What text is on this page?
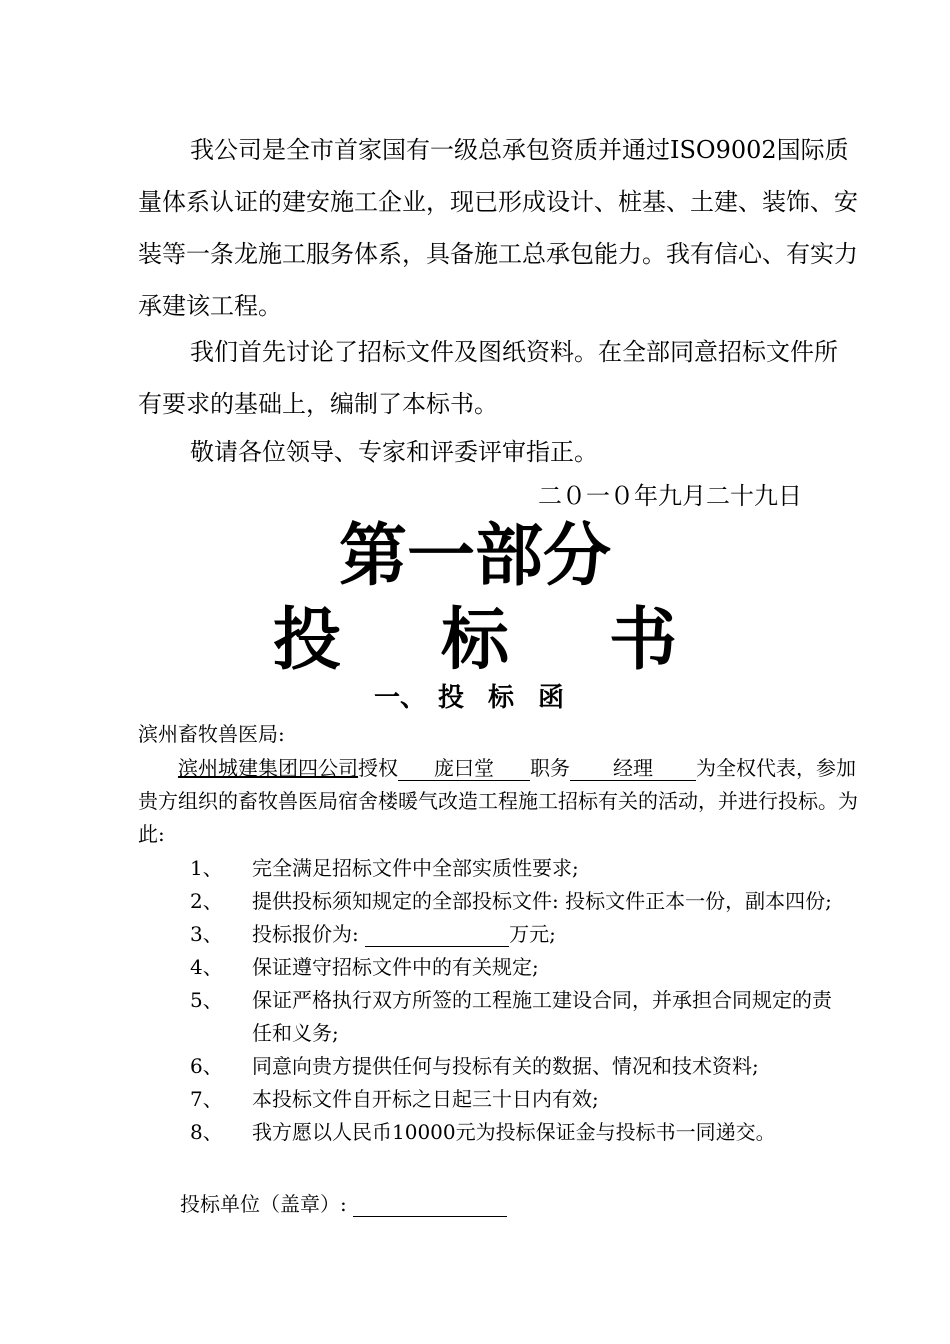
我公司是全市首家国有一级总承包资质并通过ISO9002国际质量体系认证的建安施工企业，现已形成设计、桩基、土建、装饰、安装等一条龙施工服务体系，具备施工总承包能力。我有信心、有实力承建该工程。

我们首先讨论了招标文件及图纸资料。在全部同意招标文件所有要求的基础上，编制了本标书。

敬请各位领导、专家和评委评审指正。

二０一０年九月二十九日
第一部分
投 标 书
一、 投 标 函
滨州畜牧兽医局:
滨州城建集团四公司授权 庞曰堂 职务 经理 为全权代表，参加贵方组织的畜牧兽医局宿舍楼暖气改造工程施工招标有关的活动，并进行投标。为此:
1、 完全满足招标文件中全部实质性要求;
2、 提供投标须知规定的全部投标文件: 投标文件正本一份，副本四份;
3、 投标报价为:	万元;
4、 保证遵守招标文件中的有关规定;
5、 保证严格执行双方所签的工程施工建设合同，并承担合同规定的责任和义务;
6、 同意向贵方提供任何与投标有关的数据、情况和技术资料;
7、 本投标文件自开标之日起三十日内有效;
8、 我方愿以人民币10000元为投标保证金与投标书一同递交。
投标单位（盖章）:
